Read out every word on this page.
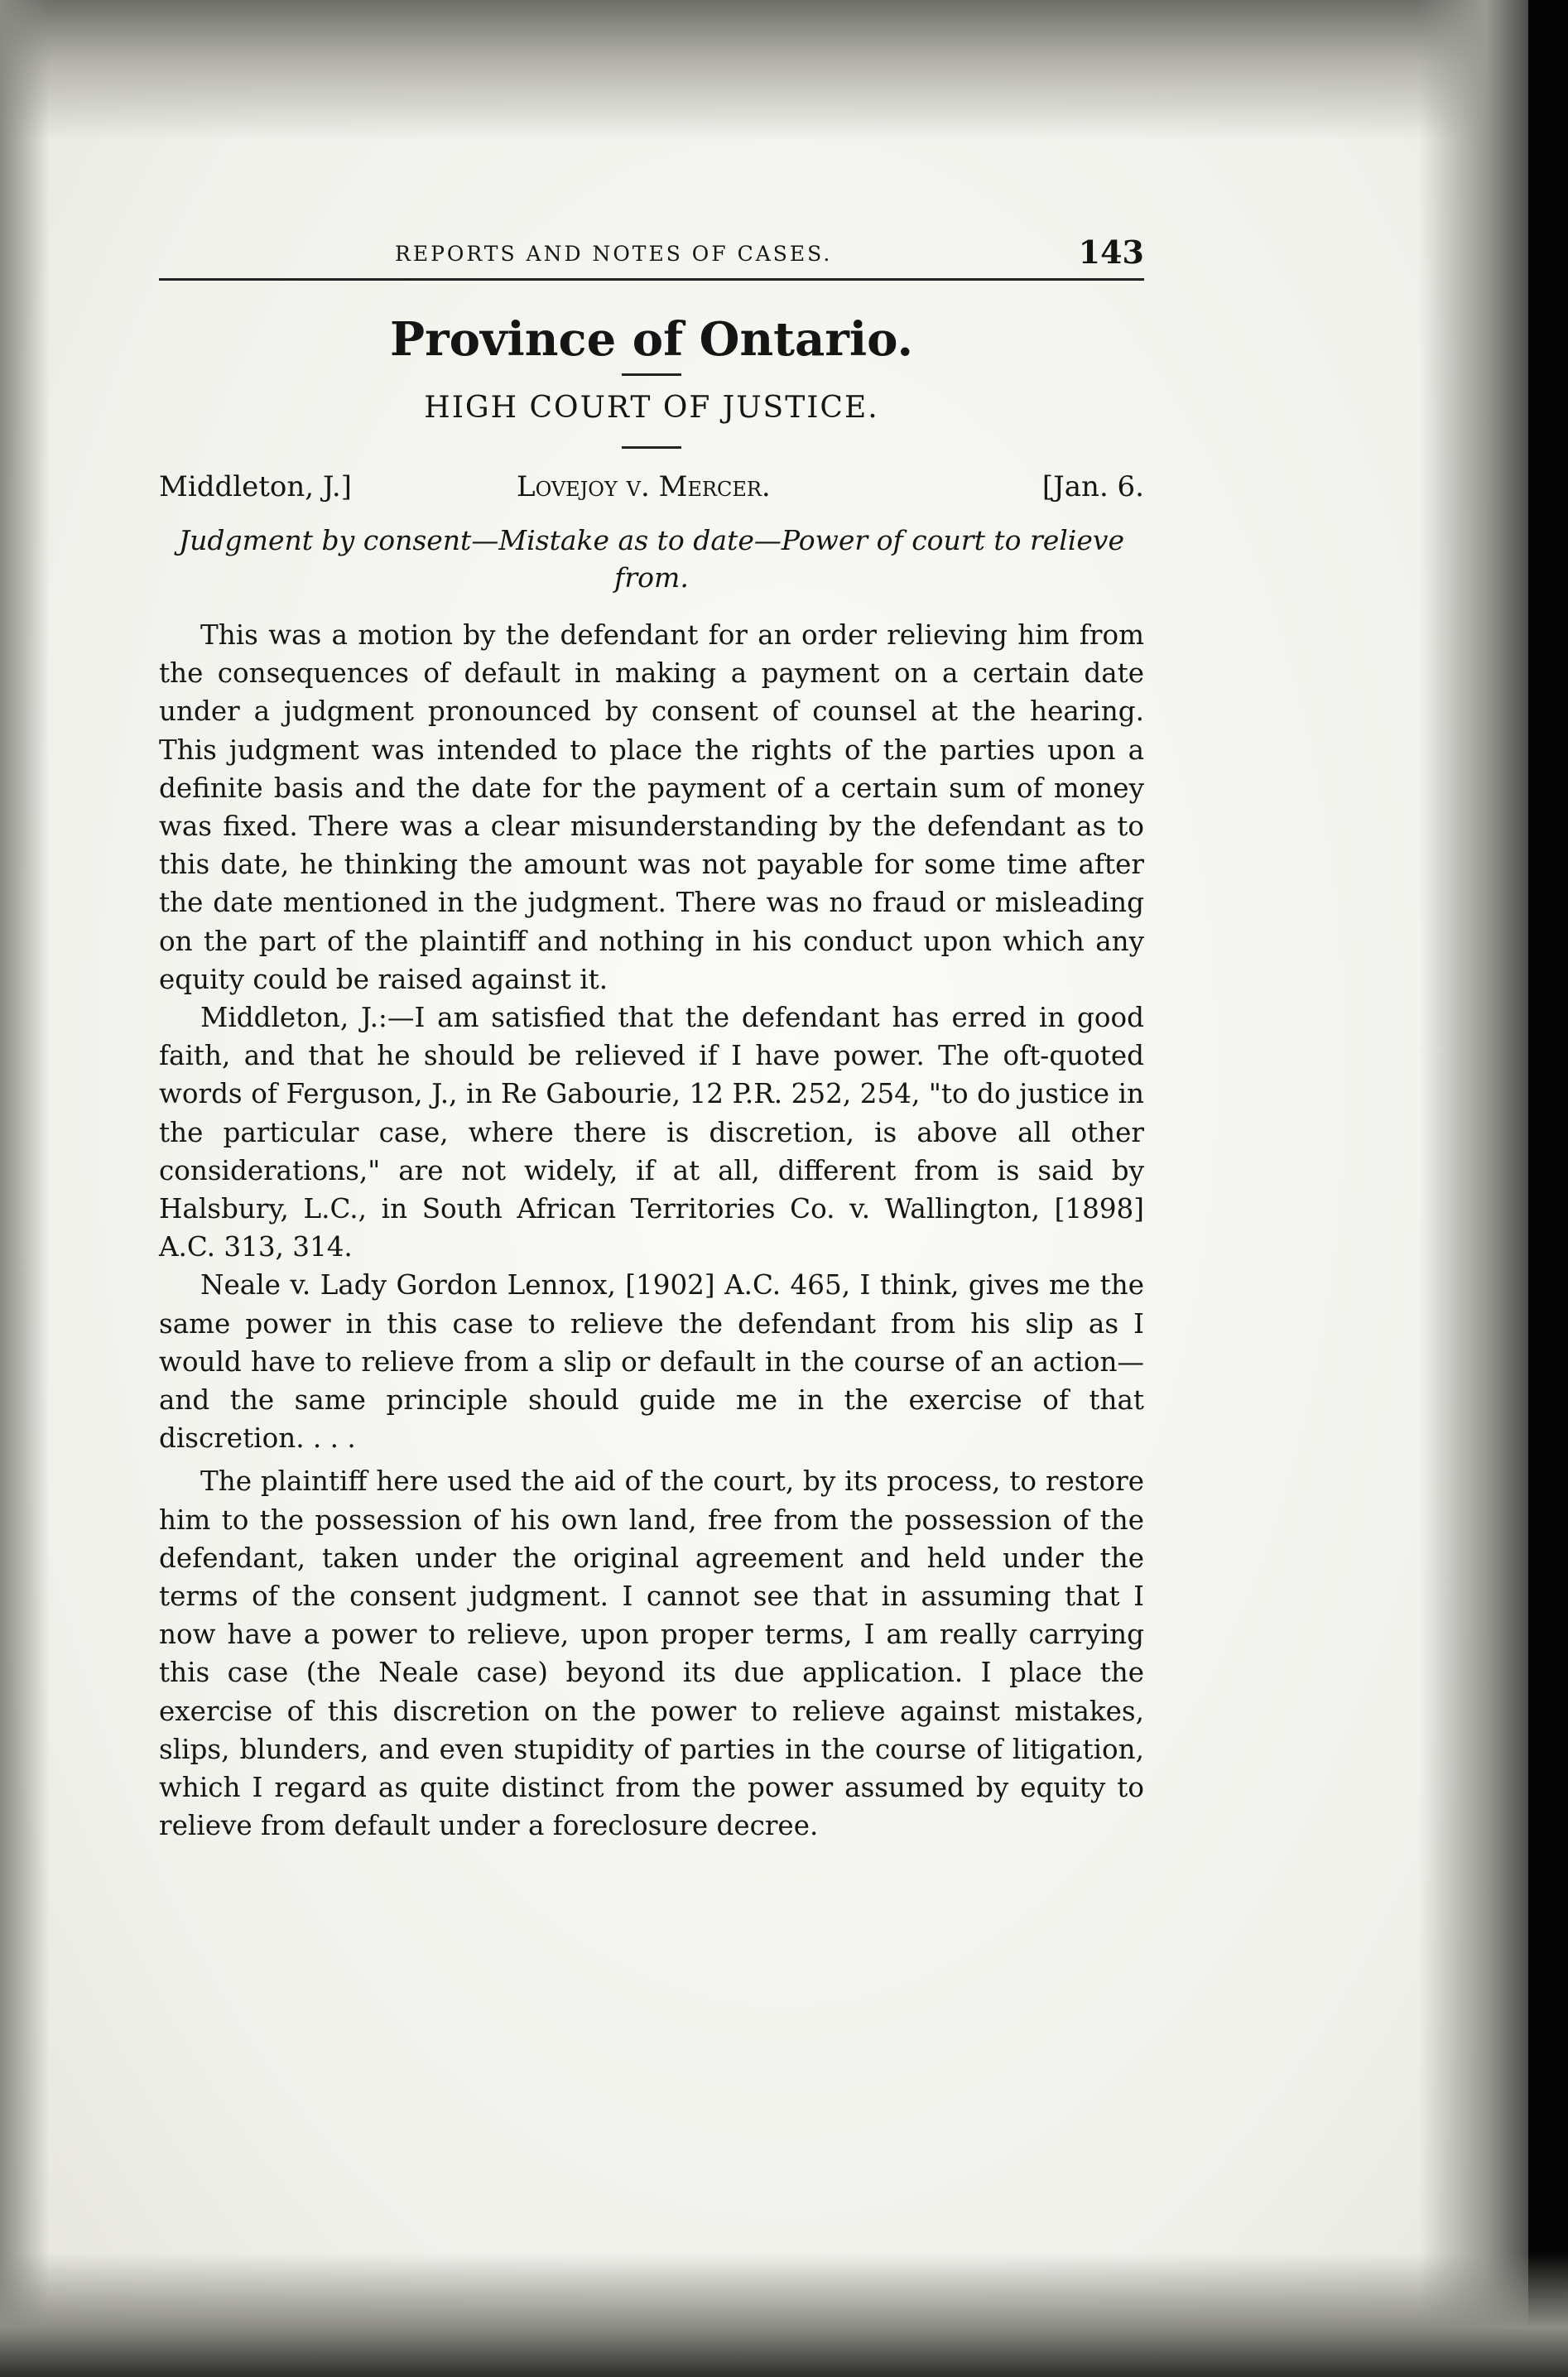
REPORTS AND NOTES OF CASES.	143
Province of Ontario.
HIGH COURT OF JUSTICE.
Middleton, J.]	Lovejoy v. Mercer.	[Jan. 6.
Judgment by consent—Mistake as to date—Power of court to relieve from.

This was a motion by the defendant for an order relieving him from the consequences of default in making a payment on a certain date under a judgment pronounced by consent of counsel at the hearing. This judgment was intended to place the rights of the parties upon a definite basis and the date for the payment of a certain sum of money was fixed. There was a clear misunderstanding by the defendant as to this date, he thinking the amount was not payable for some time after the date mentioned in the judgment. There was no fraud or misleading on the part of the plaintiff and nothing in his conduct upon which any equity could be raised against it.

Middleton, J.:—I am satisfied that the defendant has erred in good faith, and that he should be relieved if I have power. The oft-quoted words of Ferguson, J., in Re Gabourie, 12 P.R. 252, 254, "to do justice in the particular case, where there is discretion, is above all other considerations," are not widely, if at all, different from is said by Halsbury, L.C., in South African Territories Co. v. Wallington, [1898] A.C. 313, 314.

Neale v. Lady Gordon Lennox, [1902] A.C. 465, I think, gives me the same power in this case to relieve the defendant from his slip as I would have to relieve from a slip or default in the course of an action—and the same principle should guide me in the exercise of that discretion. . . .

The plaintiff here used the aid of the court, by its process, to restore him to the possession of his own land, free from the possession of the defendant, taken under the original agreement and held under the terms of the consent judgment. I cannot see that in assuming that I now have a power to relieve, upon proper terms, I am really carrying this case (the Neale case) beyond its due application. I place the exercise of this discretion on the power to relieve against mistakes, slips, blunders, and even stupidity of parties in the course of litigation, which I regard as quite distinct from the power assumed by equity to relieve from default under a foreclosure decree.
